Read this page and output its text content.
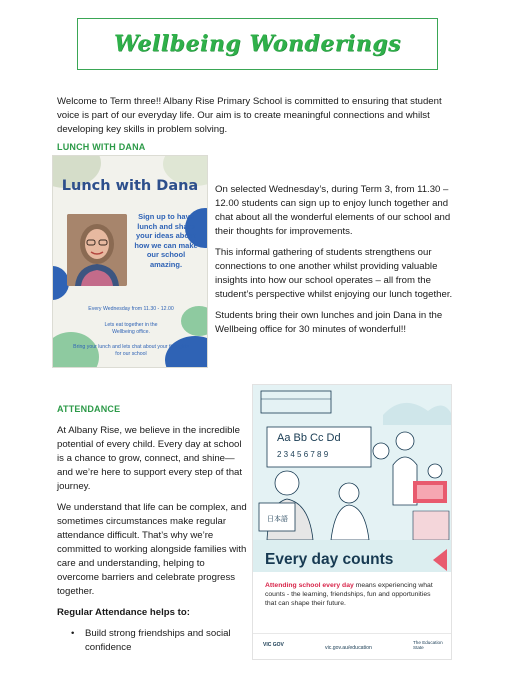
Wellbeing Wonderings

Welcome to Term three!! Albany Rise Primary School is committed to ensuring that student voice is part of our everyday life. Our aim is to create meaningful connections and whilst developing key skills in problem solving.

LUNCH WITH DANA
Lunch with Dana
Sign up to have lunch and share your ideas about how we can make our school amazing.
Every Wednesday from 11.30 - 12.00
Lets eat together in the Wellbeing office.
Bring your lunch and lets chat about your thoughts for our school

On selected Wednesday’s, during Term 3, from 11.30 – 12.00 students can sign up to enjoy lunch together and chat about all the wonderful elements of our school and their thoughts for improvements.

This informal gathering of students strengthens our connections to one another whilst providing valuable insights into how our school operates – all from the student’s perspective whilst enjoying our lunch together.

Students bring their own lunches and join Dana in the Wellbeing office for 30 minutes of wonderful!!

ATTENDANCE

At Albany Rise, we believe in the incredible potential of every child. Every day at school is a chance to grow, connect, and shine—and we’re here to support every step of that journey.

We understand that life can be complex, and sometimes circumstances make regular attendance difficult. That’s why we’re committed to working alongside families with care and understanding, helping to overcome barriers and celebrate progress together.

Regular Attendance helps to:

• Build strong friendships and social confidence
Aa Bb Cc Dd
2 3 4 5 6 7 8 9
日本語
Every day counts
Attending school every day means experiencing what counts - the learning, friendships, fun and opportunities that can shape their future.
VIC GOV	vic.gov.au/education
The Education State
